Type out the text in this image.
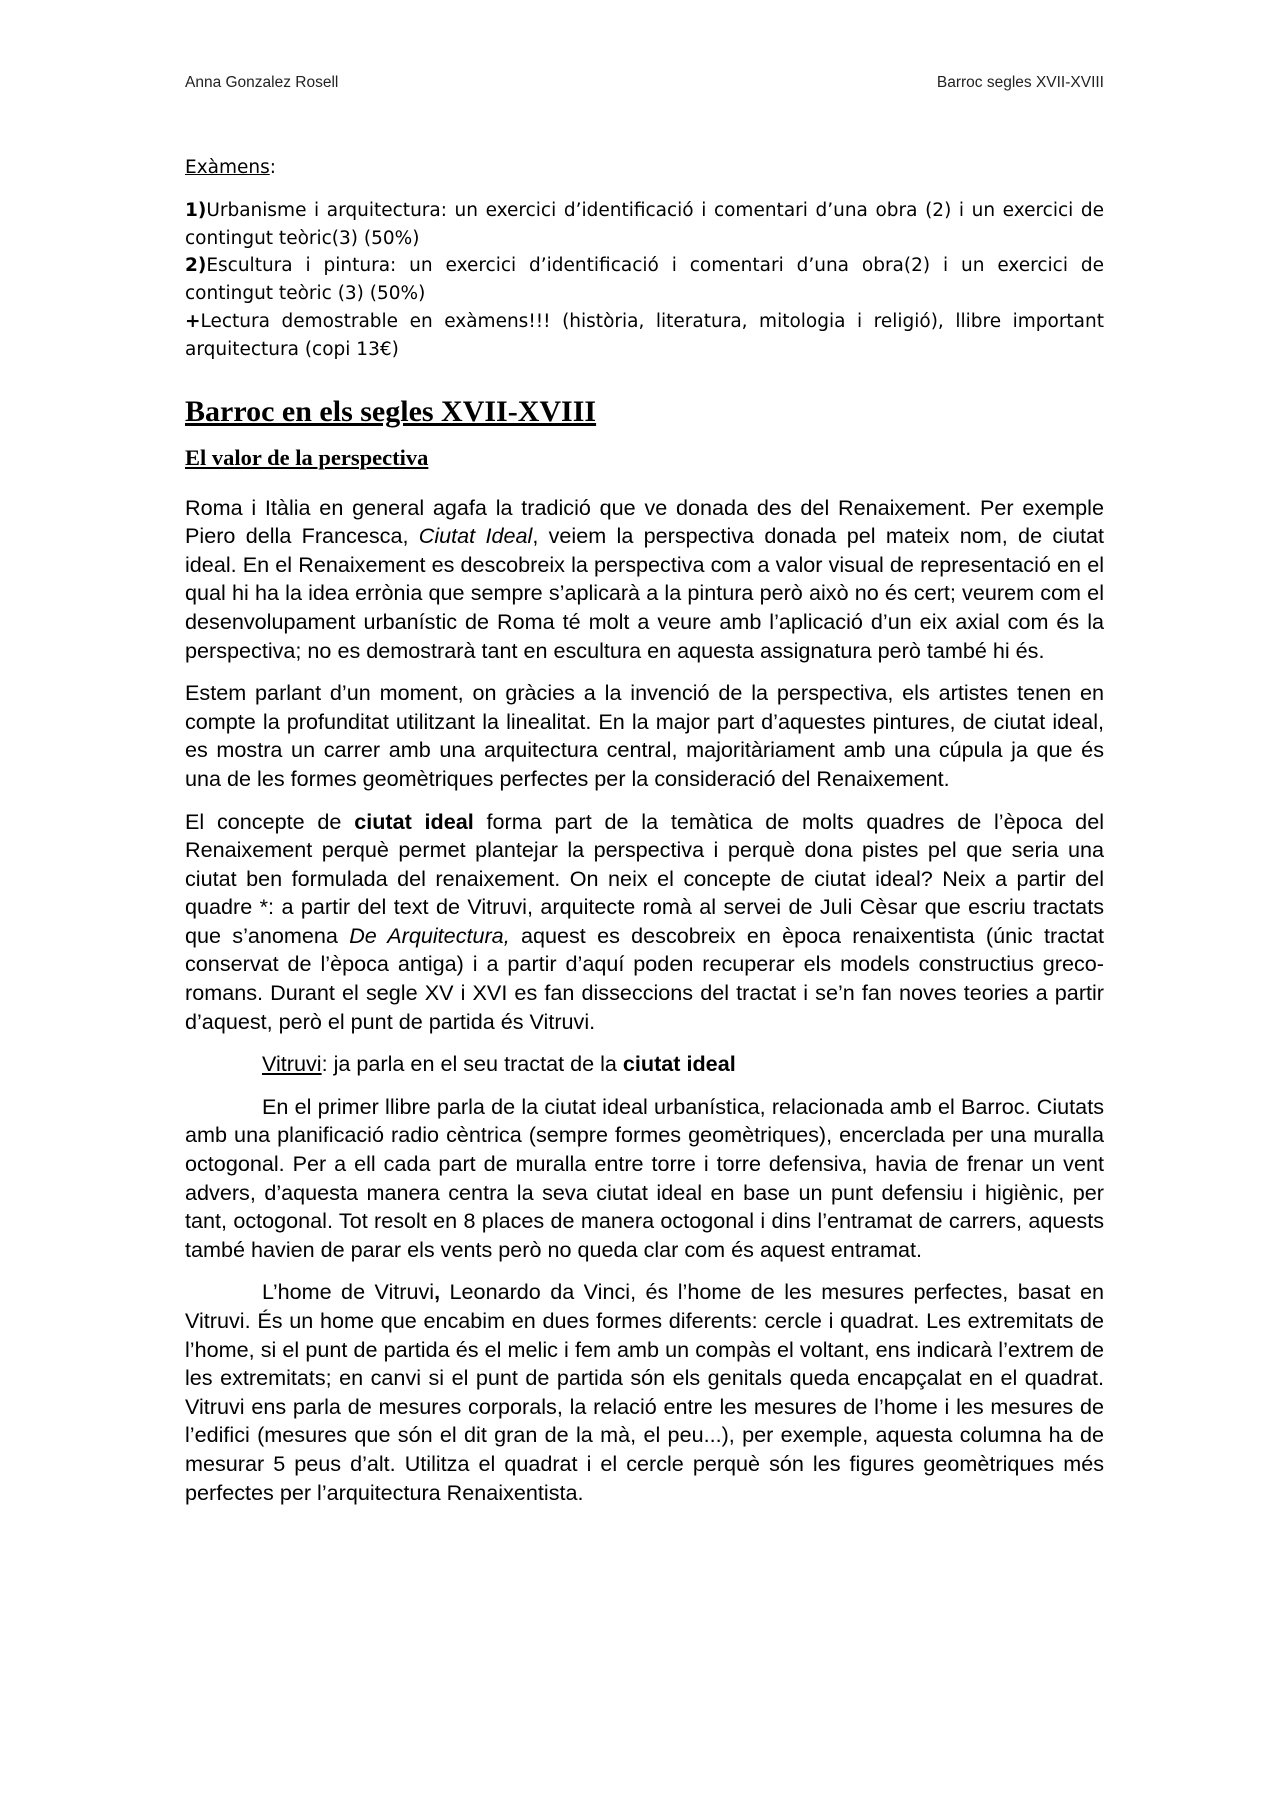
Anna Gonzalez Rosell	Barroc segles XVII-XVIII
Exàmens:

1)Urbanisme i arquitectura: un exercici d’identificació i comentari d’una obra (2) i un exercici de contingut teòric(3) (50%)

2)Escultura i pintura: un exercici d’identificació i comentari d’una obra(2) i un exercici de contingut teòric (3) (50%)

+Lectura demostrable en exàmens!!! (història, literatura, mitologia i religió), llibre important arquitectura (copi 13€)

Barroc en els segles XVII-XVIII
El valor de la perspectiva

Roma i Itàlia en general agafa la tradició que ve donada des del Renaixement. Per exemple Piero della Francesca, Ciutat Ideal, veiem la perspectiva donada pel mateix nom, de ciutat ideal. En el Renaixement es descobreix la perspectiva com a valor visual de representació en el qual hi ha la idea errònia que sempre s’aplicarà a la pintura però això no és cert; veurem com el desenvolupament urbanístic de Roma té molt a veure amb l’aplicació d’un eix axial com és la perspectiva; no es demostrarà tant en escultura en aquesta assignatura però també hi és.

Estem parlant d’un moment, on gràcies a la invenció de la perspectiva, els artistes tenen en compte la profunditat utilitzant la linealitat. En la major part d’aquestes pintures, de ciutat ideal, es mostra un carrer amb una arquitectura central, majoritàriament amb una cúpula ja que és una de les formes geomètriques perfectes per la consideració del Renaixement.

El concepte de ciutat ideal forma part de la temàtica de molts quadres de l’època del Renaixement perquè permet plantejar la perspectiva i perquè dona pistes pel que seria una ciutat ben formulada del renaixement. On neix el concepte de ciutat ideal? Neix a partir del quadre *: a partir del text de Vitruvi, arquitecte romà al servei de Juli Cèsar que escriu tractats que s’anomena De Arquitectura, aquest es descobreix en època renaixentista (únic tractat conservat de l’època antiga) i a partir d’aquí poden recuperar els models constructius greco-romans. Durant el segle XV i XVI es fan disseccions del tractat i se’n fan noves teories a partir d’aquest, però el punt de partida és Vitruvi.

Vitruvi: ja parla en el seu tractat de la ciutat ideal

En el primer llibre parla de la ciutat ideal urbanística, relacionada amb el Barroc. Ciutats amb una planificació radio cèntrica (sempre formes geomètriques), encerclada per una muralla octogonal. Per a ell cada part de muralla entre torre i torre defensiva, havia de frenar un vent advers, d’aquesta manera centra la seva ciutat ideal en base un punt defensiu i higiènic, per tant, octogonal. Tot resolt en 8 places de manera octogonal i dins l’entramat de carrers, aquests també havien de parar els vents però no queda clar com és aquest entramat.

L’home de Vitruvi, Leonardo da Vinci, és l’home de les mesures perfectes, basat en Vitruvi. És un home que encabim en dues formes diferents: cercle i quadrat. Les extremitats de l’home, si el punt de partida és el melic i fem amb un compàs el voltant, ens indicarà l’extrem de les extremitats; en canvi si el punt de partida són els genitals queda encapçalat en el quadrat. Vitruvi ens parla de mesures corporals, la relació entre les mesures de l’home i les mesures de l’edifici (mesures que són el dit gran de la mà, el peu...), per exemple, aquesta columna ha de mesurar 5 peus d’alt. Utilitza el quadrat i el cercle perquè són les figures geomètriques més perfectes per l’arquitectura Renaixentista.
